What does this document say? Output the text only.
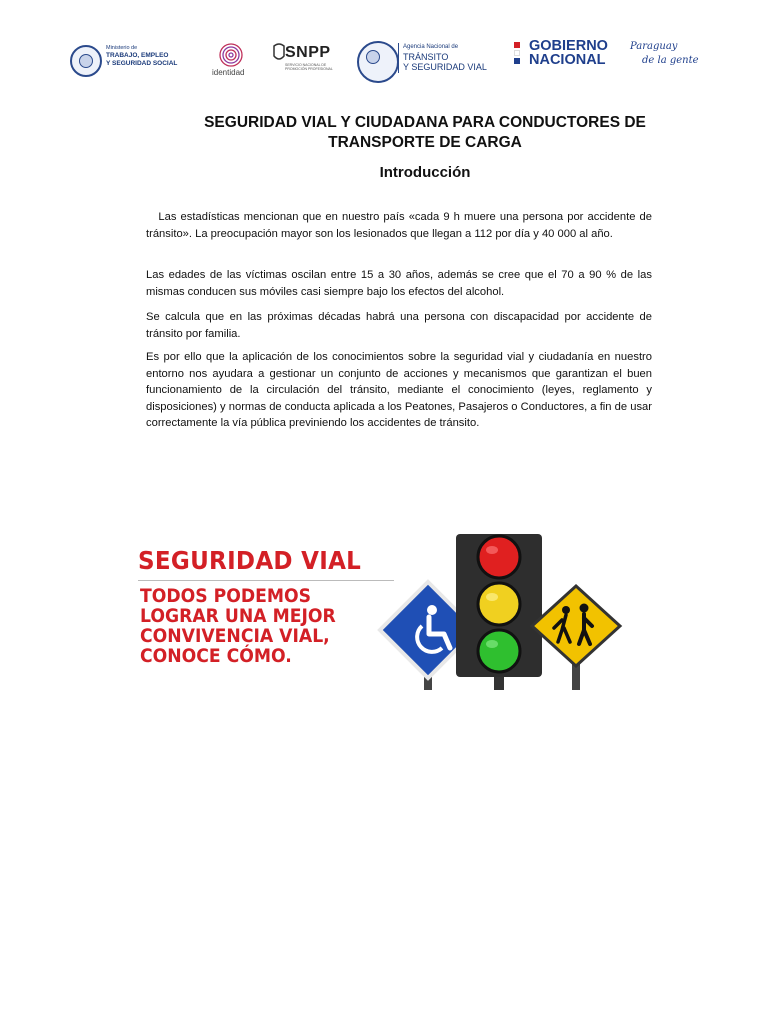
Ministerio de
TRABAJO, EMPLEO
Y SEGURIDAD SOCIAL
identidad
SNPP
SERVICIO NACIONAL DE
PROMOCIÓN PROFESIONAL
Agencia Nacional de
TRÁNSITO
Y SEGURIDAD VIAL
GOBIERNO
NACIONAL
Paraguay
de la gente
SEGURIDAD VIAL Y CIUDADANA PARA CONDUCTORES DE
TRANSPORTE DE CARGA
Introducción

Las estadísticas mencionan que en nuestro país «cada 9 h muere una persona por accidente de tránsito». La preocupación mayor son los lesionados que llegan a 112 por día y 40 000 al año.

Las edades de las víctimas oscilan entre 15 a 30 años, además se cree que el 70 a 90 % de las mismas conducen sus móviles casi siempre bajo los efectos del alcohol.

Se calcula que en las próximas décadas habrá una persona con discapacidad por accidente de tránsito por familia.

Es por ello que la aplicación de los conocimientos sobre la seguridad vial y ciudadanía en nuestro entorno nos ayudara a gestionar un conjunto de acciones y mecanismos que garantizan el buen funcionamiento de la circulación del tránsito, mediante el conocimiento (leyes, reglamento y disposiciones) y normas de conducta aplicada a los Peatones, Pasajeros o Conductores, a fin de usar correctamente la vía pública previniendo los accidentes de tránsito.

SEGURIDAD VIAL
TODOS PODEMOS
LOGRAR UNA MEJOR
CONVIVENCIA VIAL,
CONOCE CÓMO.
